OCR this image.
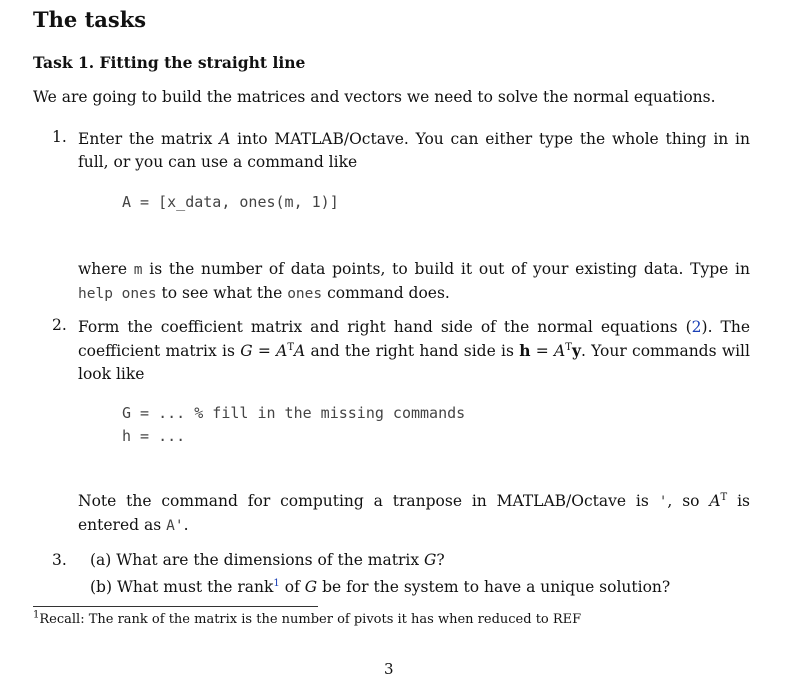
The tasks
Task 1. Fitting the straight line
We are going to build the matrices and vectors we need to solve the normal equations.
1. Enter the matrix A into MATLAB/Octave. You can either type the whole thing in in full, or you can use a command like
A = [x_data, ones(m, 1)]
where m is the number of data points, to build it out of your existing data. Type in help ones to see what the ones command does.
2. Form the coefficient matrix and right hand side of the normal equations (2). The coefficient matrix is $G = A^TA$ and the right hand side is $h = A^Ty$. Your commands will look like
G = ... % fill in the missing commands
h = ...
Note the command for computing a tranpose in MATLAB/Octave is ', so $A^T$ is entered as A'.
3. (a) What are the dimensions of the matrix G?
(b) What must the rank$^1$ of G be for the system to have a unique solution?
$^1$Recall: The rank of the matrix is the number of pivots it has when reduced to REF
3
